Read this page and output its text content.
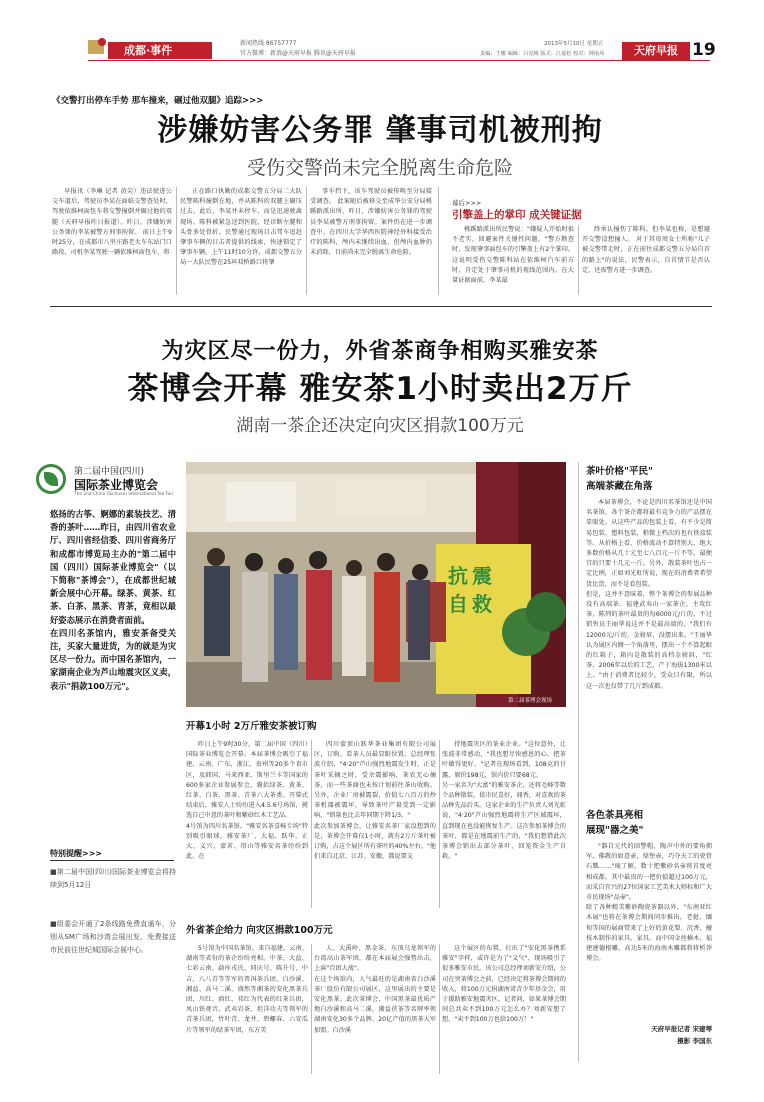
成都·事件
新闻热线 86757777
官方微博：新浪@天府早报 腾讯@天府早报
2013年5月10日 星期五
责编：王娜 编辑：吕克梅 版式：江嘉松 校对：钟南风	天府早报 19
《交警打出停车手势 那车撞来，碾过他双腿》追踪>>>
涉嫌妨害公务罪 肇事司机被刑拘
受伤交警尚未完全脱离生命危险
早报讯（李琳 记者 黄尖）违法驶进公交车道后，驾驶员李某在面临交警查处时，驾驶依维柯面包车将交警撞倒并碾过他的双腿（天府早报昨日报道）。昨日，涉嫌妨害公务罪的李某被警方刑事拘留。 前日上午9时25分，在成都市八里庄路老火车东站门口路段，司机李某驾驶一辆依维柯面包车，将
正在路口执勤的成都交警五分局二大队民警陈科撞倒在地，并从陈科的双腿上碾压过去。此后，李某并未停车，而是迅速驶离现场。陈科被紧急送到医院，经诊断左腿和头骨多处骨折。民警通过现场目击驾车追赶肇事车辆的目击者提供的线索，快速锁定了肇事车辆。上午11时10分许，成都交警五分局一大队民警在25环双桥路口将肇
事车挡下，该车驾驶员被传唤至分局接受调查。 此案随后被移交至成华公安分局桃蹊路派出所，昨日，涉嫌妨害公务罪的驾驶员李某被警方刑事拘留。案件仍在进一步调查中。在四川大学华西医院神经外科接受治疗的陈科，颅内未继续出血，但颅内血肿仍未消除，目前尚未完全脱离生命危险。
幕后>>>
引擎盖上的掌印 成关键证据
桃蹊路派出所民警说："嫌疑人开始时很不老实，回避案件关键性问题。"警方勘查时，发现肇事面包车的引擎盖上有2个掌印。这说明受伤交警陈科站在依维柯汽车前方时，肯定处于肇事司机的视线范围内。在大量证据面前，李某最
终承认撞伤了陈科。但李某也称，是想避开交警设想撞人。 对于其母周女士所称"儿子被交警带走时，正在前往成都交警五分局自首的路上"的说法，民警表示，自首情节是否认定，还需警方进一步调查。
为灾区尽一份力，外省茶商争相购买雅安茶
茶博会开幕 雅安茶1小时卖出2万斤
湖南一茶企还决定向灾区捐款100万元
第二届中国(四川)
国际茶业博览会
The 2nd China (Sichuan) International Tea Fair
悠扬的古筝、婀娜的素装技艺、清香的茶叶……昨日，由四川省农业厅、四川省经信委、四川省商务厅和成都市博览局主办的"第二届中国（四川）国际茶业博览会"（以下简称"茶博会"），在成都世纪城新会展中心开幕。绿茶、黄茶、红茶、白茶、黑茶、青茶，竟相以最好姿态展示在消费者面前。
在四川名茶馆内，雅安茶备受关注，买家大量进货，为的就是为灾区尽一份力。而中国名茶馆内，一家湖南企业为芦山地震灾区义卖，表示"捐款100万元"。
特别提醒>>>
■第二届中国(四川)国际茶业博览会将持续到5月12日
■组委会开通了2条线路免费直通车，分别从SM广场和沙湾会展出发，免费接送市民前往世纪城国际会展中心。
抗 震
自 救
第二届茶博会现场
开幕1小时 2万斤雅安茶被订购
昨日上午9时30分，第二届中国（四川）国际茶业博览会开幕。本届茶博会吸引了福建、云南、广东、浙江、贵州等20多个省市区，及韩国、马来西亚、斯里兰卡等国家的600多家企业参展参会，囊括绿茶、黄茶、红茶、白茶、黑茶、青茶六大茶类。开幕式结束后，雅安人士纷纷进入4.5.6号场馆，挑选自己中意的茶叶和紫砂红木工艺品。
4号馆为四川名茶馆。"雅安名茶喜畅专场"特别吸引眼球，雅安茶厂、大福、跃华、正大、义兴、蒙茗、塔山等雅安名茶纷纷到此。在
四川蒙顶山跃华茶业集团有限公司展区，订购、看茶人员最显眼位置。总经理张波介绍，"4·20"芦山强烈地震发生时，正是茶叶采摘之时，受余震影响，茶农无心摘茶，而一些茶商也未按计划前往茶山收购。另外，企业厂房被震裂，价值七八百万的炒茶机器被震坏，导致茶叶产量受到一定影响，"销量也比去年同期下降1/3。"
此次参加茶博会，让雅安名茶厂家没想到的是，茶博会开幕仅1小时，就有2万斤茶叶被订购，占这个展区所有茶叶的40%左右。"他们来自北京、江苏、安徽，都说要支
持地震灾区的茶业企业。"这位意外，让张波非常感动，"我也想尽快感恩的心，把茶叶做得更好。"记者在现场看到，108克的甘露，原价198元，馆内价只要68元。
另一家名为"大富"的雅安茶企，还将毛峰等数个品种散装。依市民喜好，闻香，对喜欢的茶品种先品后买。这家企业的生产负责人刘光虹说，"4·20"芦山强烈地震将生产区域震坏，直到现在也没能恢复生产。这次参加茶博会的茶叶，都是在地震前生产的，"我们想借此次茶博会销出去部分茶叶，回笼资金生产自救。"
外省茶企给力 向灾区捐款100万元
5号馆为中国名茶馆，来自福建、云南、湖南等省份的茶企纷纷亮相。中茶、大益、七彩云南、勐库戎氏、同庆号、陈升号、中吉、八八青等等军的普洱茶兵团，白沙溪、湘益、高马二溪、盛然等湘茶的安化黑茶兵团，川红、滇红、祁红为代表的红茶兵团，凤山铁观音、武夷岩茶、坦洋功夫等领军的青茶兵团，竹叶青、龙井、碧螺春、六安瓜片等领军的绿茶军团，东方美
人、大禹岭、黑金茶、东顶乌龙领军的台湾高山茶军团，都在本届展会强势出击，上演"百团大战"。
在这个场馆内，人气最旺的是湖南省白沙溪茶厂股份有限公司展区，这里展出的主要是安化黑茶。此次茶博会，中国黑茶最优质产地白沙溪和高马二溪，湘益茯茶等名牌率领湖南安化30多个品牌、20亿产值的黑茶大军加盟。白沙溪
这个展区的布置，打出了"安化黑茶携系雅安"字样，或许是为了"义气"，现场吸引了很多雅安市民。该公司总经理刘新安介绍，公司在突茶博会之前，已经决定将茶博会期间的收入，将100万元捐湖南省青少年基金会，用于援助雅安地震灾区。记者问，如果茶博会期间总共卖不到100万元怎么办？刘新安想了想，"卖不到100万也给100万！"
茶叶价格"平民"
高端茶藏在角落
本届茶博会，不论是四川名茶馆还是中国名茶馆，各个茶企都将最有竞争力的产品摆在显眼处。从这些产品的包装上看，有不少是简易包装、塑料包装，稍微上档次的也有铁盒装等。从价格上看，价格波动不算特别大，绝大多数价格从几十元至七八百元一斤不等，最便宜的只要十几元一斤。另外，散装茶叶也占一定比例，正如刘光虹所说，现在的消费者希望货比货，而不是看包装。
但是，这并不意味着，整个茶博会的参展品种没有高端茶。福建武夷山一家茶企，主攻红茶，陈列的茶叶最贵的每6000元/斤的，不过销售员王丽华说这并不是最高端的，"我们有12000元/斤的，金骏眉，没摆出来。"王丽华认为展区内侧一个角落里，摆出一个不算起眼的红箱子，箱内是散装的高档金骏眉，"红茶，2006年以后的工艺，产于海拔1300米以上。"由于消费者比较少，受众目有限，所以这一次也仅带了几斤到成都。
各色茶具亮相
展现"器之美"
"器自元代的回警帽，陶声中外的要角拥军，佛教的如意壶，鼎堡壶，巧夺天工的瓷骨石瓢……"琉了解，数十把紫砂名壶将首度亮相成都，其中最贵的一把价值超过100万元，而采自宜兴的27位国家工艺美术大师标和广大市民现场"品壶"。
除了各种精美紫砂陶瓷茶器以外，"东南亚红木展"也将在茶博会期间同步推出，老挝、缅甸等国的展商带来了上好的黄花梨、沉香、檀枝木制作的家具、家具。而中国金丝楠木、福建建德根雕，高达5米的海南木雕都将将析莽博会。
天府早报记者 宋建琴
摄影 李国东
